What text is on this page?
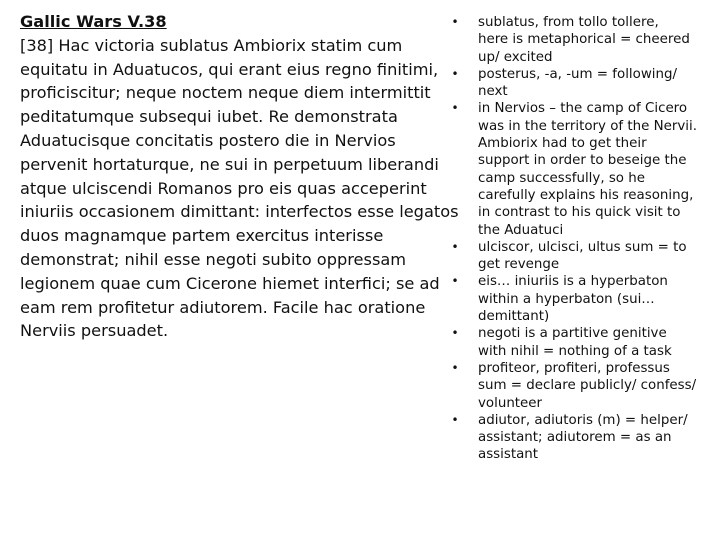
Gallic Wars V.38
[38] Hac victoria sublatus Ambiorix statim cum
equitatu in Aduatucos, qui erant eius regno finitimi,
proficiscitur; neque noctem neque diem intermittit
peditatumque subsequi iubet. Re demonstrata
Aduatucisque concitatis postero die in Nervios
pervenit hortaturque, ne sui in perpetuum liberandi
atque ulciscendi Romanos pro eis quas acceperint
iniuriis occasionem dimittant: interfectos esse legatos
duos magnamque partem exercitus interisse
demonstrat; nihil esse negoti subito oppressam
legionem quae cum Cicerone hiemet interfici; se ad
eam rem profitetur adiutorem. Facile hac oratione
Nerviis persuadet.
• sublatus, from tollo tollere,
here is metaphorical = cheered
up/ excited
• posterus, -a, -um = following/
next
• in Nervios – the camp of Cicero
was in the territory of the Nervii.
Ambiorix had to get their
support in order to beseige the
camp successfully, so he
carefully explains his reasoning,
in contrast to his quick visit to
the Aduatuci
• ulciscor, ulcisci, ultus sum = to
get revenge
• eis… iniuriis is a hyperbaton
within a hyperbaton (sui…
demittant)
• negoti is a partitive genitive
with nihil = nothing of a task
• profiteor, profiteri, professus
sum = declare publicly/ confess/
volunteer
• adiutor, adiutoris (m) = helper/
assistant; adiutorem = as an
assistant
